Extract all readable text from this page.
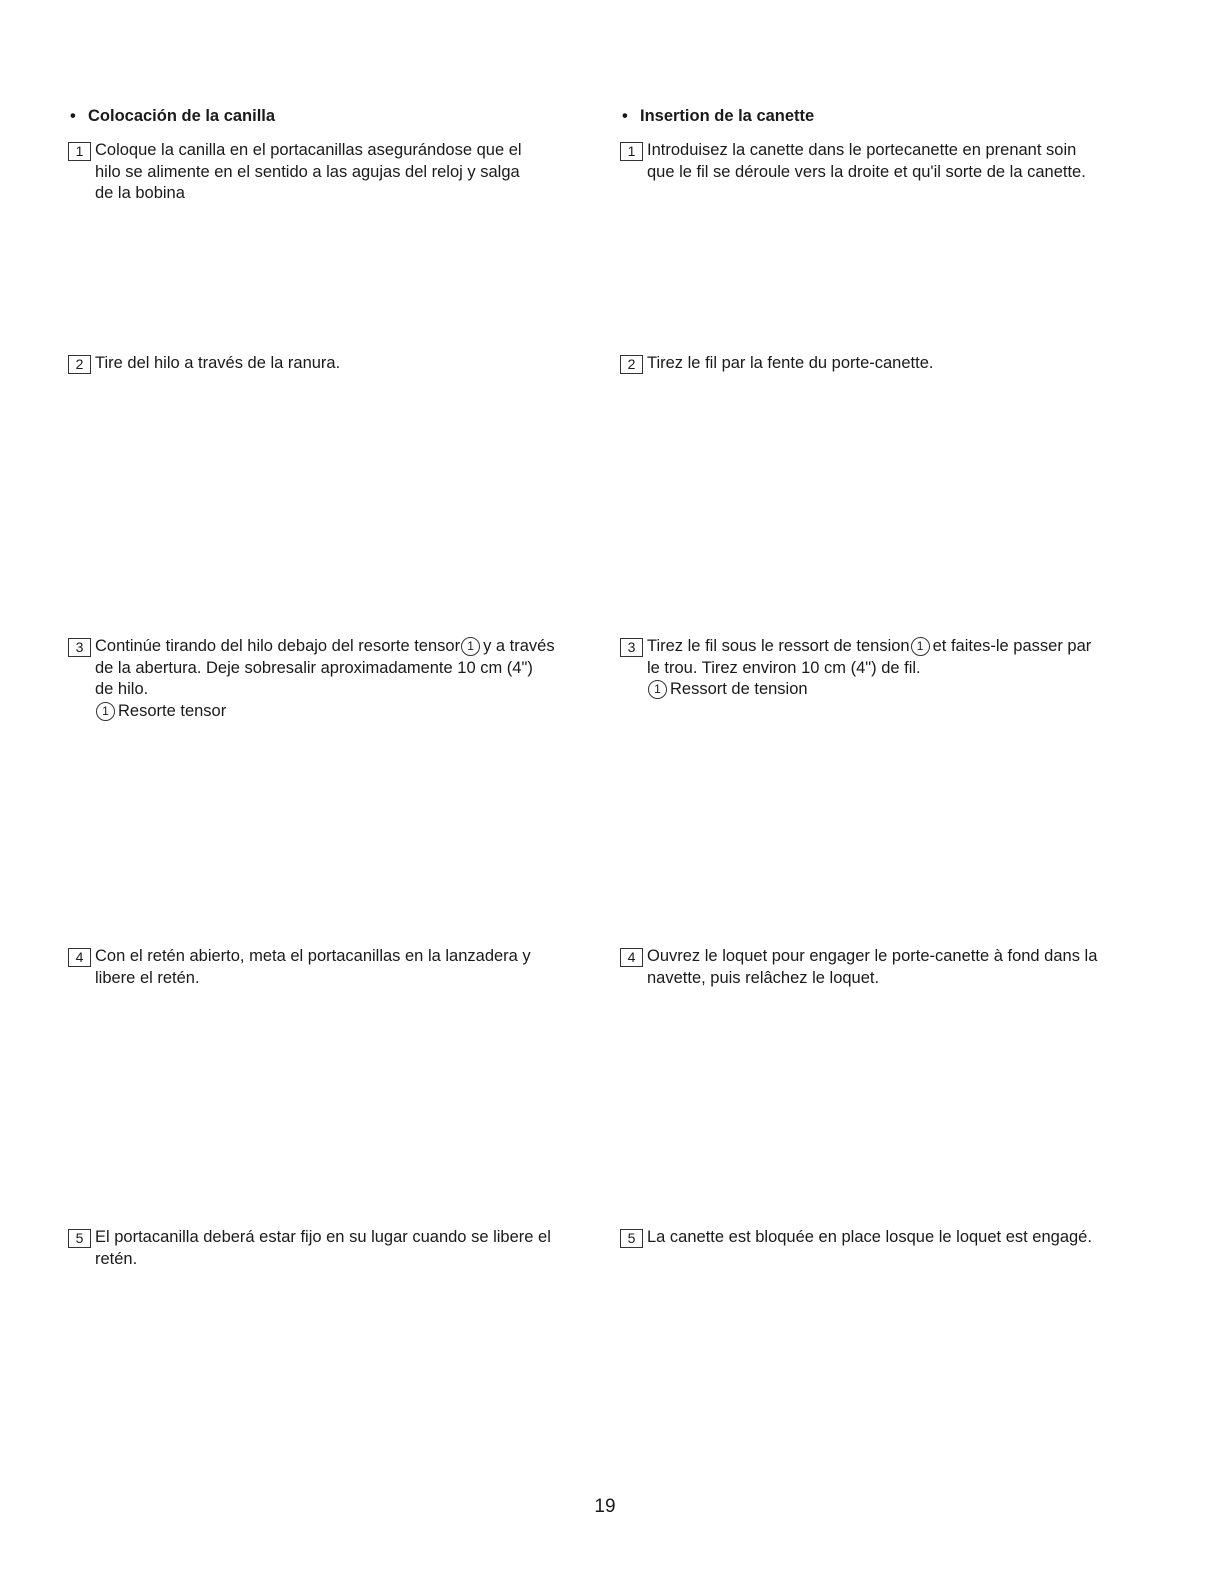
• Colocación de la canilla
1 Coloque la canilla en el portacanillas asegurándose que el
hilo se alimente en el sentido a las agujas del reloj y salga
de la bobina
2 Tire del hilo a través de la ranura.
3 Continúe tirando del hilo debajo del resorte tensor 1 y a través
de la abertura. Deje sobresalir aproximadamente 10 cm (4")
de hilo.
1 Resorte tensor
4 Con el retén abierto, meta el portacanillas en la lanzadera y
libere el retén.
5 El portacanilla deberá estar fijo en su lugar cuando se libere el
retén.
• Insertion de la canette
1 Introduisez la canette dans le portecanette en prenant soin
que le fil se déroule vers la droite et qu'il sorte de la canette.
2 Tirez le fil par la fente du porte-canette.
3 Tirez le fil sous le ressort de tension 1 et faites-le passer par
le trou. Tirez environ 10 cm (4") de fil.
1 Ressort de tension
4 Ouvrez le loquet pour engager le porte-canette à fond dans la
navette, puis relâchez le loquet.
5 La canette est bloquée en place losque le loquet est engagé.
19
